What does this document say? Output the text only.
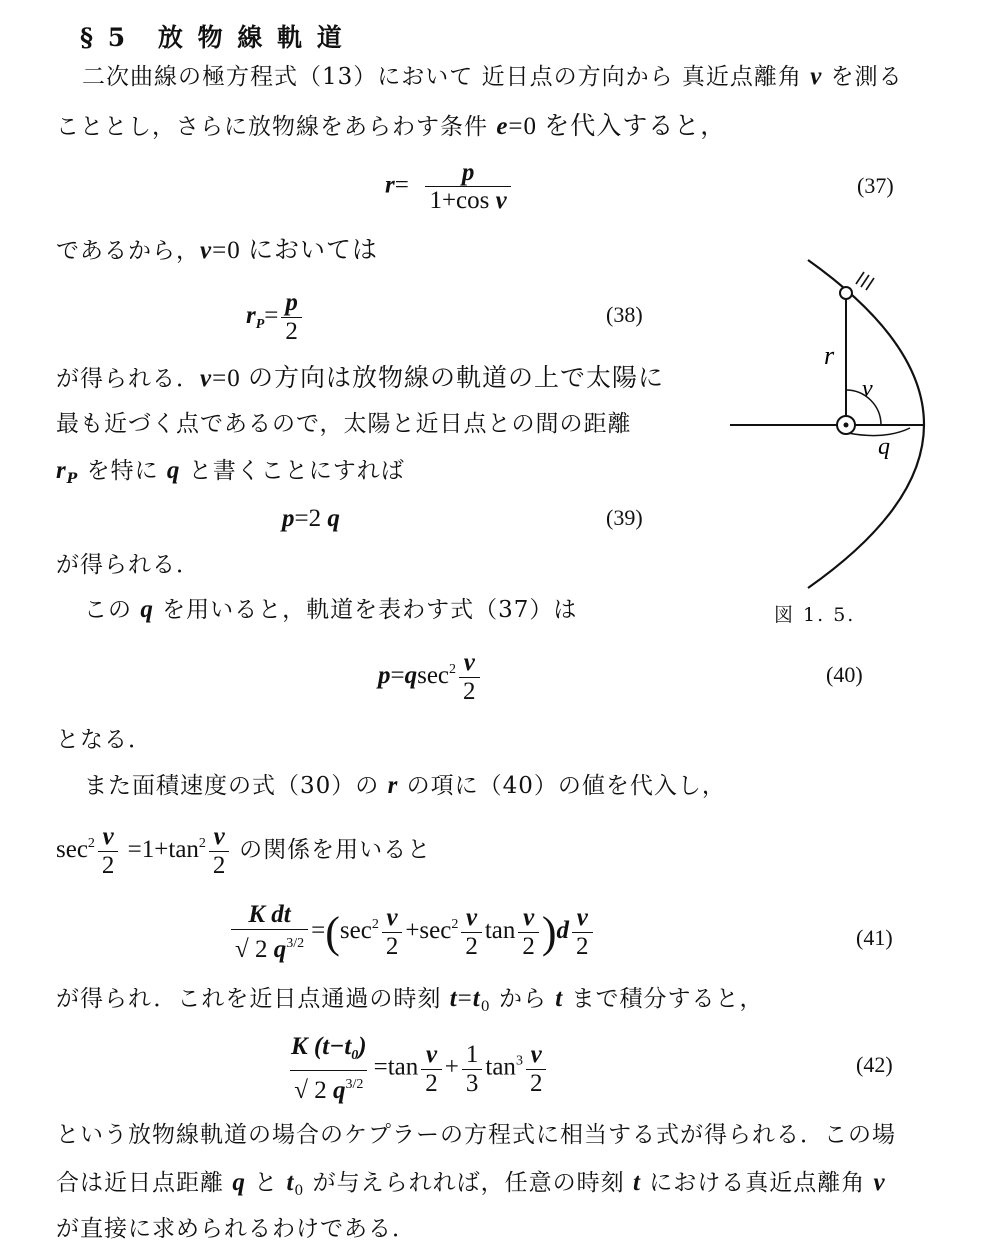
§ 5 放 物 線 軌 道
二次曲線の極方程式（13）において 近日点の方向から 真近点離角 v を測る
こととし，さらに放物線をあらわす条件 e=0 を代入すると，
$r= \frac{p}{\text{1+cos v}}$	(37)
であるから，v=0 においては
$r_P= \frac{p}{2}$	(38)
が得られる．v=0 の方向は放物線の軌道の上で太陽に
最も近づく点であるので，太陽と近日点との間の距離
$r_P$ を特に q と書くことにすれば
p=2 q	(39)
が得られる．
この q を用いると，軌道を表わす式（37）は
r
v
q
図 1. 5.
$p=qsec^2 \frac{v}{2}$	(40)
となる．
また面積速度の式（30）の r の項に（40）の値を代入し，
$\sec^2 \frac{v}{2} =1+\tan^2 \frac{v}{2}$ の関係を用いると
$\frac{\text{K dt}}{√ 2 q^{3/2}} =(\sec^2 \frac{v}{2} +\sec^2 \frac{v}{2}$ $\tan \frac{v}{2} )d \frac{v}{2}$	(41)
が得られ．これを近日点通過の時刻 $t=t_0$ から t まで積分すると，
$\frac{K (t-t_0)}{√ 2 q^{3/2}} =\tan \frac{v}{2} + \frac{1}{3} \tan^3 \frac{v}{2}$	(42)
という放物線軌道の場合のケプラーの方程式に相当する式が得られる．この場
合は近日点距離 q と $t_0$ が与えられれば，任意の時刻 t における真近点離角 v
が直接に求められるわけである．
